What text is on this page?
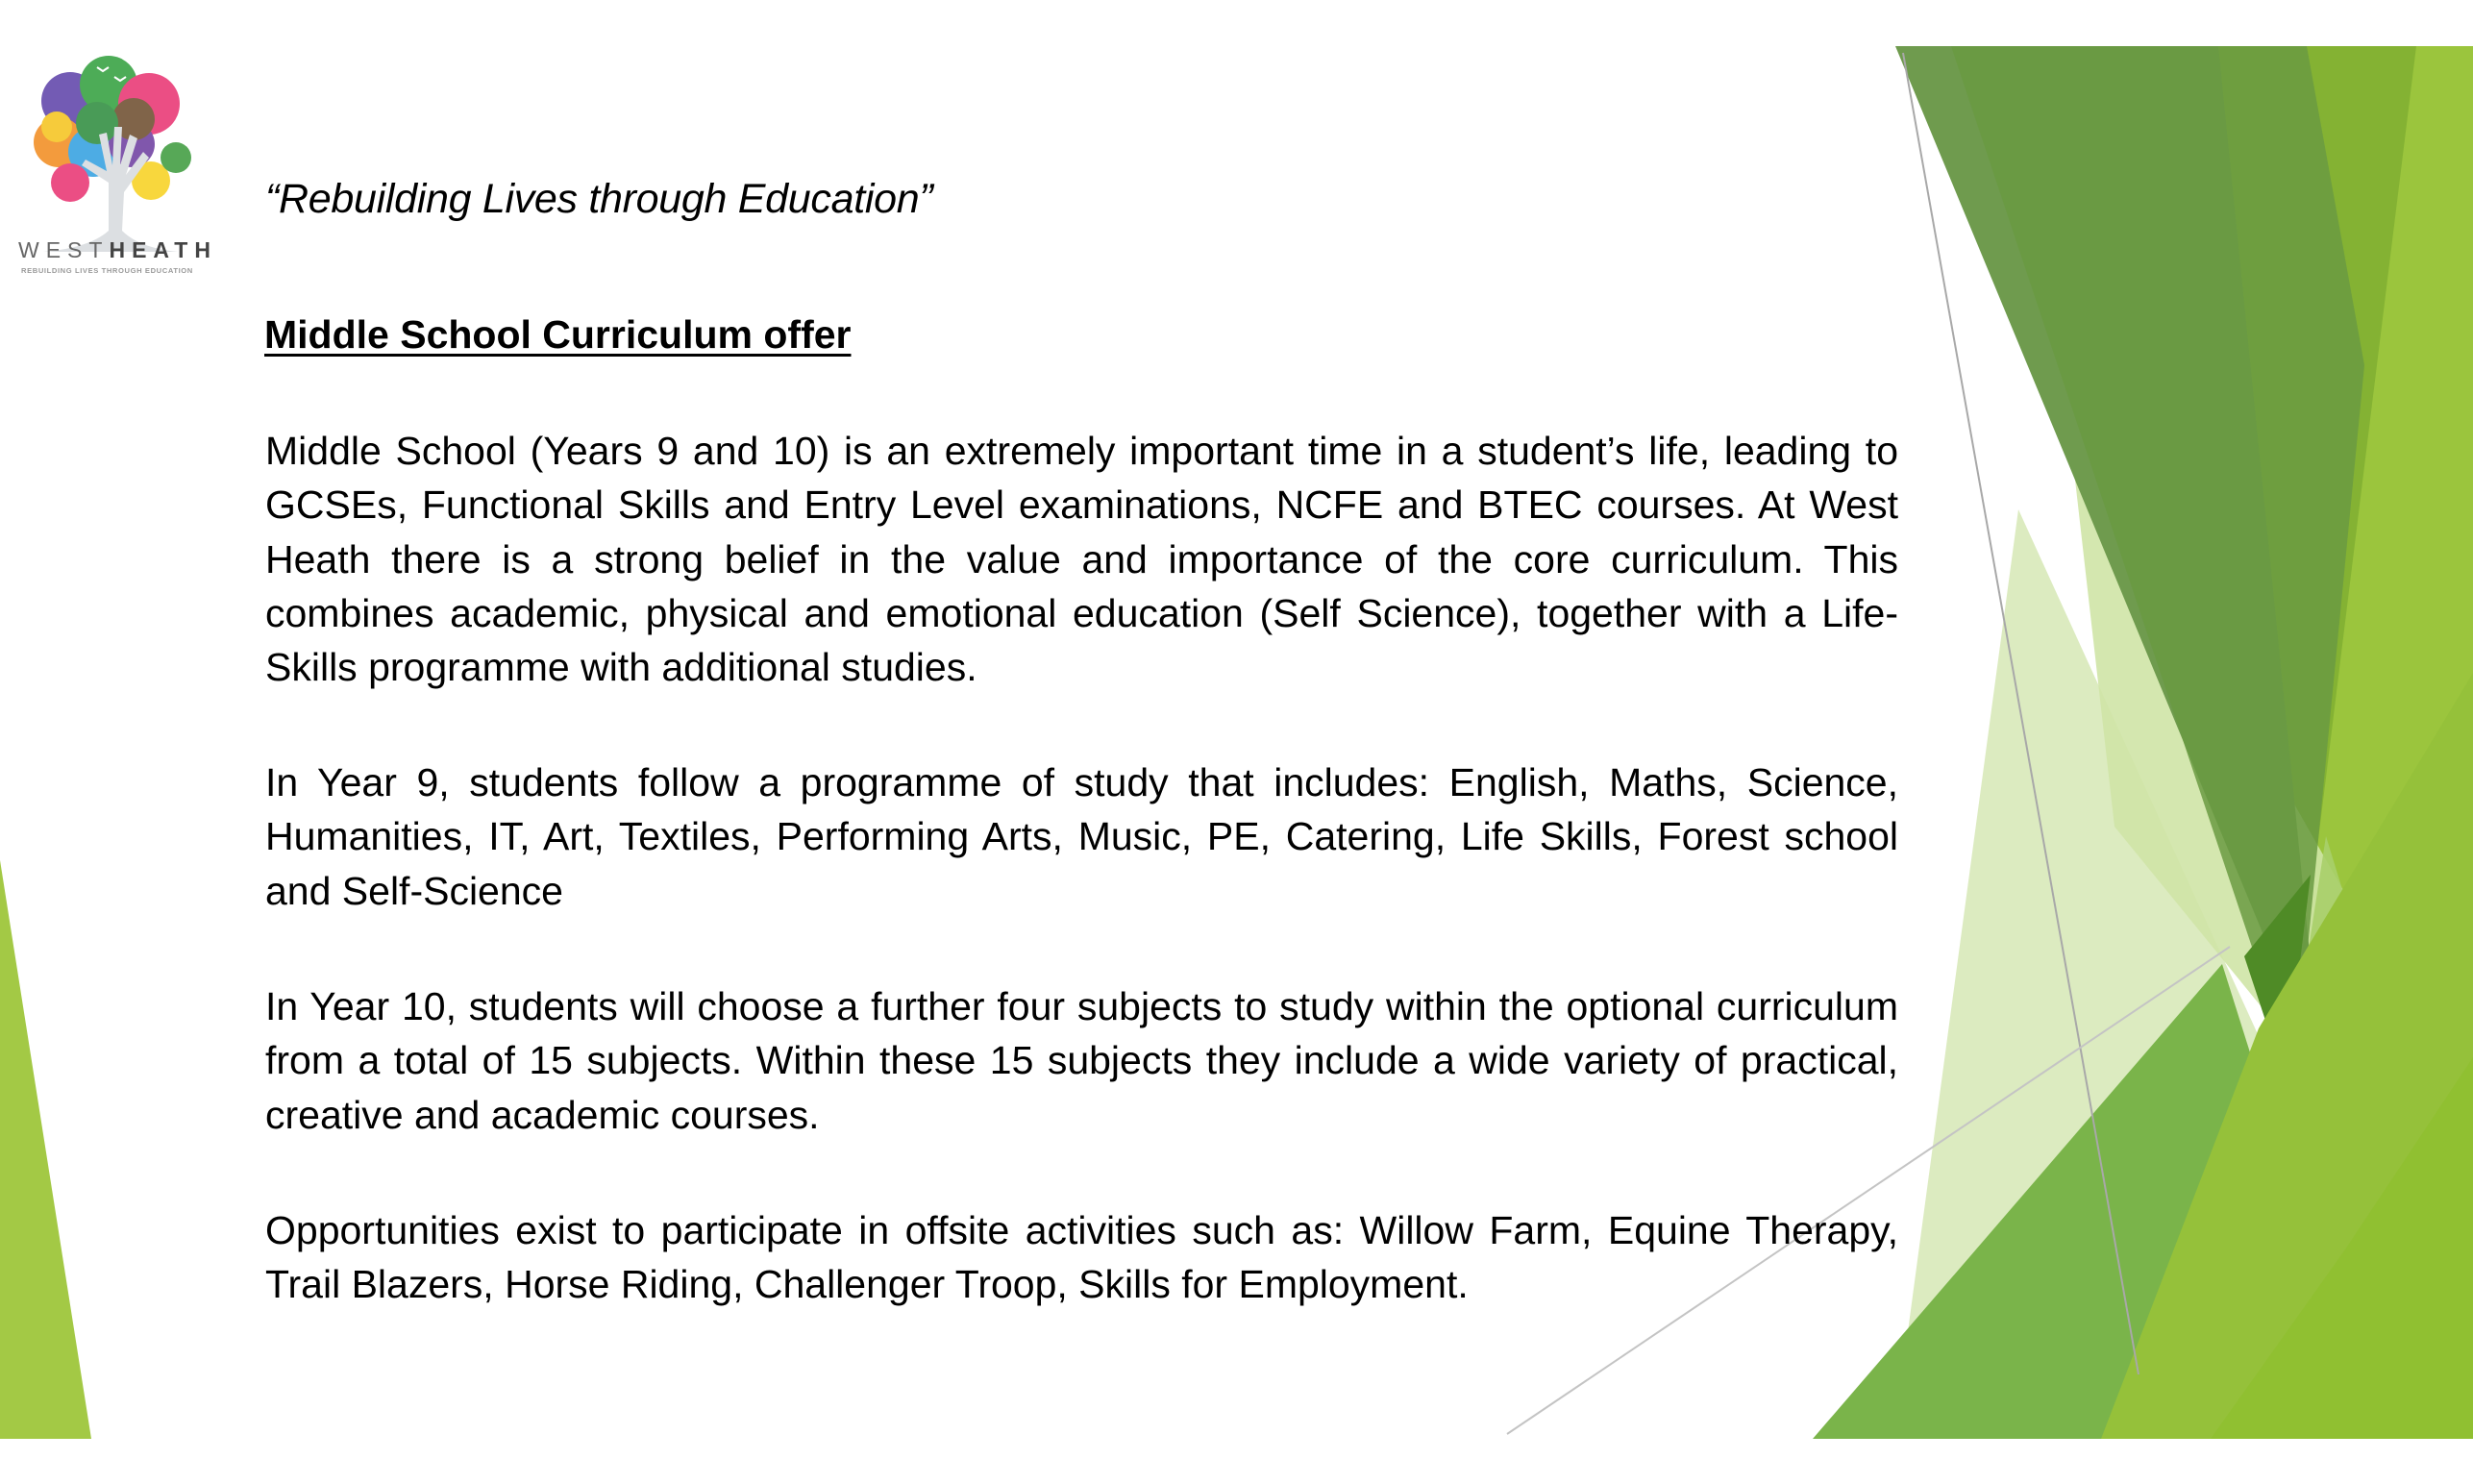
WESTHEATH
REBUILDING LIVES THROUGH EDUCATION
“Rebuilding Lives through Education”
Middle School Curriculum offer

Middle School (Years 9 and 10) is an extremely important time in a student’s life, leading to GCSEs, Functional Skills and Entry Level examinations, NCFE and BTEC courses. At West Heath there is a strong belief in the value and importance of the core curriculum. This combines academic, physical and emotional education (Self Science), together with a Life-Skills programme with additional studies.

In Year 9, students follow a programme of study that includes: English, Maths, Science, Humanities, IT, Art, Textiles, Performing Arts, Music, PE, Catering, Life Skills, Forest school and Self-Science

In Year 10, students will choose a further four subjects to study within the optional curriculum from a total of 15 subjects. Within these 15 subjects they include a wide variety of practical, creative and academic courses.

Opportunities exist to participate in offsite activities such as: Willow Farm, Equine Therapy, Trail Blazers, Horse Riding, Challenger Troop, Skills for Employment.
